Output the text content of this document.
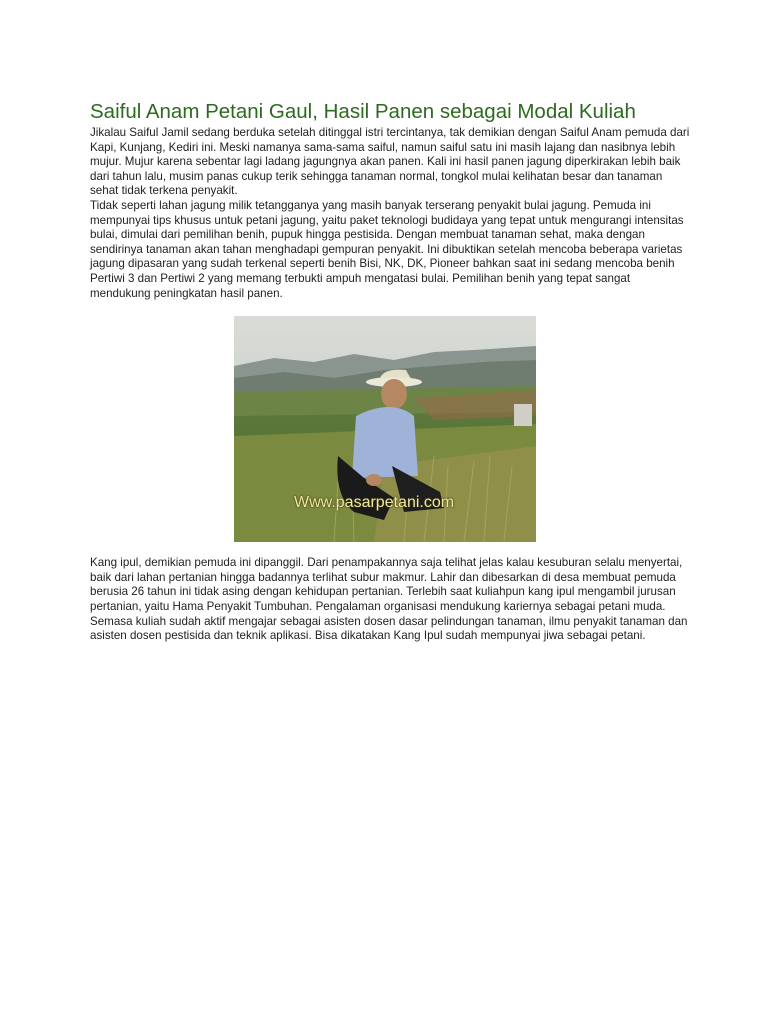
Saiful Anam Petani Gaul, Hasil Panen sebagai Modal Kuliah

Jikalau Saiful Jamil sedang berduka setelah ditinggal istri tercintanya, tak demikian dengan Saiful Anam pemuda dari Kapi, Kunjang, Kediri ini. Meski namanya sama-sama saiful, namun saiful satu ini masih lajang dan nasibnya lebih mujur. Mujur karena sebentar lagi ladang jagungnya akan panen. Kali ini hasil panen jagung diperkirakan lebih baik dari tahun lalu, musim panas cukup terik sehingga tanaman normal, tongkol mulai kelihatan besar dan tanaman sehat tidak terkena penyakit.

Tidak seperti lahan jagung milik tetangganya yang masih banyak terserang penyakit bulai jagung. Pemuda ini mempunyai tips khusus untuk petani jagung, yaitu paket teknologi budidaya yang tepat untuk mengurangi intensitas bulai, dimulai dari pemilihan benih, pupuk hingga pestisida. Dengan membuat tanaman sehat, maka dengan sendirinya tanaman akan tahan menghadapi gempuran penyakit. Ini dibuktikan setelah mencoba beberapa varietas jagung dipasaran yang sudah terkenal seperti benih Bisi, NK, DK, Pioneer bahkan saat ini sedang mencoba benih Pertiwi 3 dan Pertiwi 2 yang memang terbukti ampuh mengatasi bulai. Pemilihan benih yang tepat sangat mendukung peningkatan hasil panen.

Www.pasarpetani.com

Kang ipul, demikian pemuda ini dipanggil. Dari penampakannya saja telihat jelas kalau kesuburan selalu menyertai, baik dari lahan pertanian hingga badannya terlihat subur makmur. Lahir dan dibesarkan di desa membuat pemuda berusia 26 tahun ini tidak asing dengan kehidupan pertanian. Terlebih saat kuliahpun kang ipul mengambil jurusan pertanian, yaitu Hama Penyakit Tumbuhan. Pengalaman organisasi mendukung kariernya sebagai petani muda. Semasa kuliah sudah aktif mengajar sebagai asisten dosen dasar pelindungan tanaman, ilmu penyakit tanaman dan asisten dosen pestisida dan teknik aplikasi. Bisa dikatakan Kang Ipul sudah mempunyai jiwa sebagai petani.
